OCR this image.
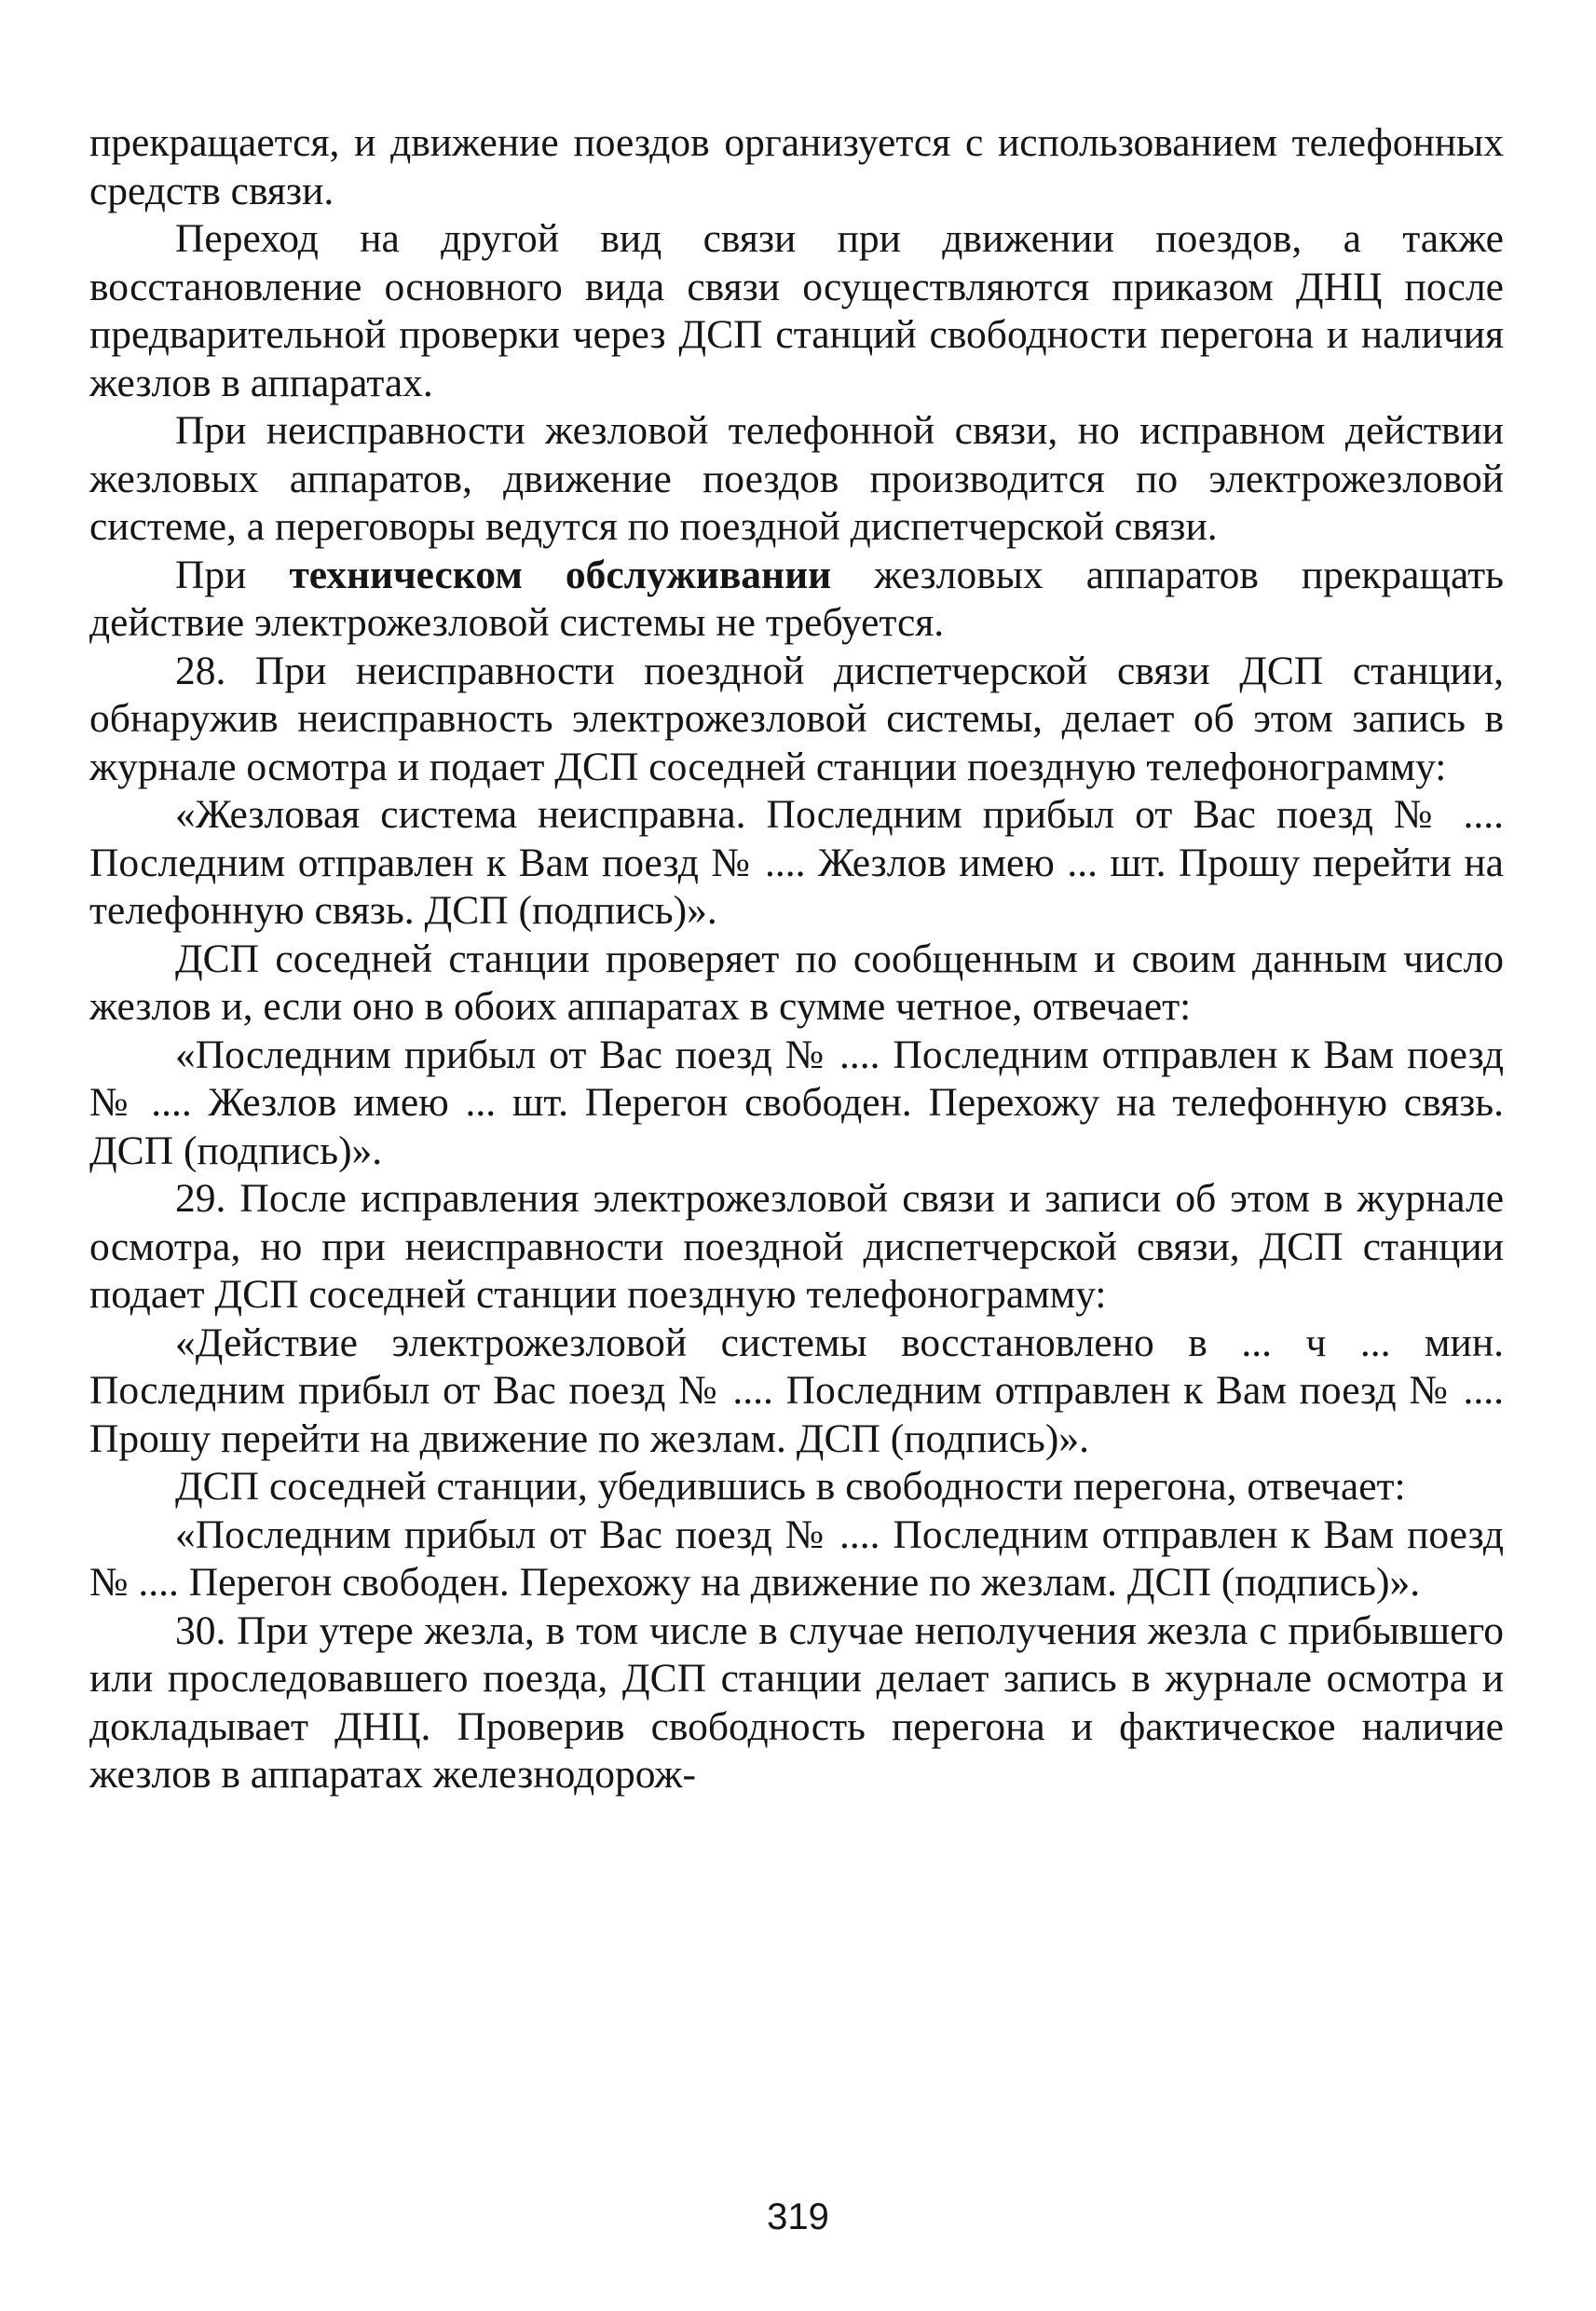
прекращается, и движение поездов организуется с использованием телефонных средств связи.

Переход на другой вид связи при движении поездов, а также восстановление основного вида связи осуществляются приказом ДНЦ после предварительной проверки через ДСП станций свободности перегона и наличия жезлов в аппаратах.

При неисправности жезловой телефонной связи, но исправном действии жезловых аппаратов, движение поездов производится по электрожезловой системе, а переговоры ведутся по поездной диспетчерской связи.

При техническом обслуживании жезловых аппаратов прекращать действие электрожезловой системы не требуется.

28. При неисправности поездной диспетчерской связи ДСП станции, обнаружив неисправность электрожезловой системы, делает об этом запись в журнале осмотра и подает ДСП соседней станции поездную телефонограмму:

«Жезловая система неисправна. Последним прибыл от Вас поезд № .... Последним отправлен к Вам поезд № .... Жезлов имею ... шт. Прошу перейти на телефонную связь. ДСП (подпись)».

ДСП соседней станции проверяет по сообщенным и своим данным число жезлов и, если оно в обоих аппаратах в сумме четное, отвечает:

«Последним прибыл от Вас поезд № .... Последним отправлен к Вам поезд № .... Жезлов имею ... шт. Перегон свободен. Перехожу на телефонную связь. ДСП (подпись)».

29. После исправления электрожезловой связи и записи об этом в журнале осмотра, но при неисправности поездной диспетчерской связи, ДСП станции подает ДСП соседней станции поездную телефонограмму:

«Действие электрожезловой системы восстановлено в ... ч ... мин. Последним прибыл от Вас поезд № .... Последним отправлен к Вам поезд № .... Прошу перейти на движение по жезлам. ДСП (подпись)».

ДСП соседней станции, убедившись в свободности перегона, отвечает:

«Последним прибыл от Вас поезд № .... Последним отправлен к Вам поезд № .... Перегон свободен. Перехожу на движение по жезлам. ДСП (подпись)».

30. При утере жезла, в том числе в случае неполучения жезла с прибывшего или проследовавшего поезда, ДСП станции делает запись в журнале осмотра и докладывает ДНЦ. Проверив свободность перегона и фактическое наличие жезлов в аппаратах железнодорож-

319
